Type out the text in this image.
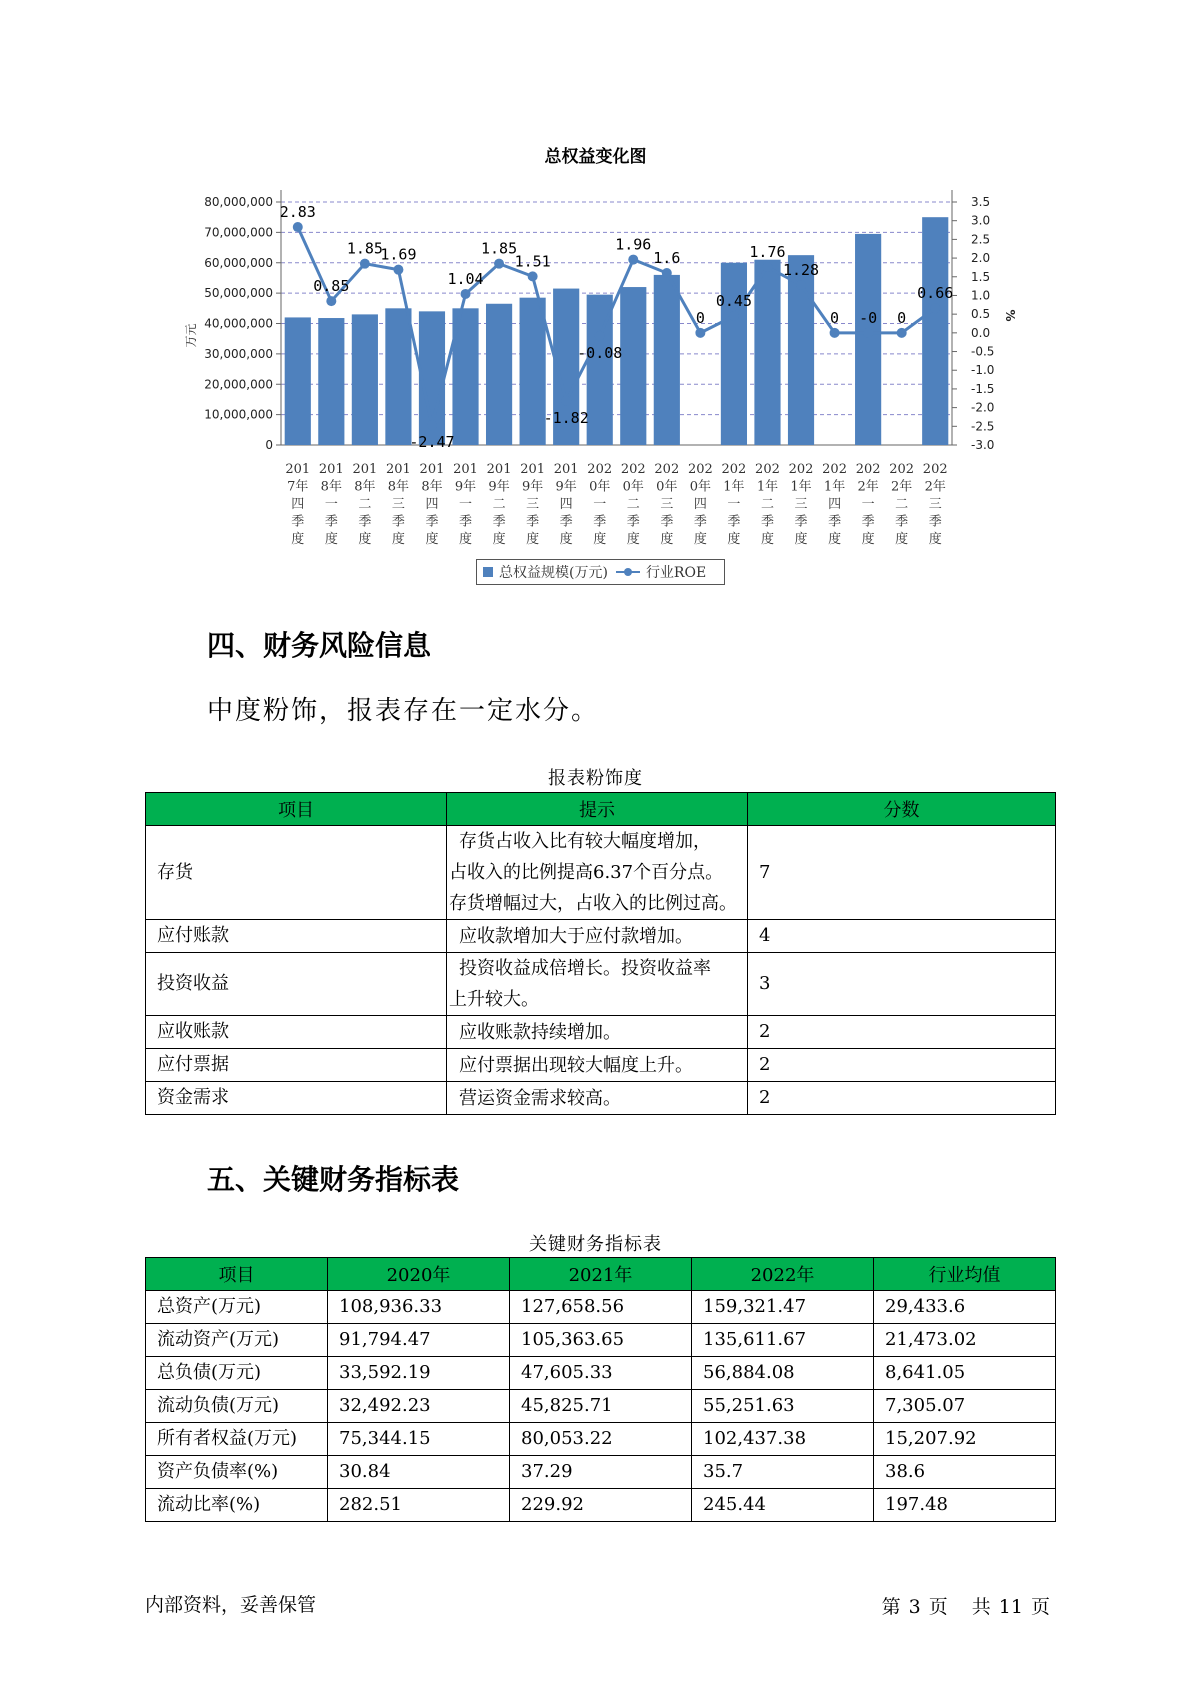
总权益变化图
80,000,000
70,000,000
60,000,000
50,000,000
40,000,000
30,000,000
20,000,000
10,000,000
0
3.5
3.0
2.5
2.0
1.5
1.0
0.5
0.0
-0.5
-1.0
-1.5
-2.0
-2.5
-3.0
万元
%
201 7年四季度
201 8年一季度
201 8年二季度
201 8年三季度
201 8年四季度
201 9年一季度
201 9年二季度
201 9年三季度
201 9年四季度
202 0年一季度
202 0年二季度
202 0年三季度
202 0年四季度
202 1年一季度
202 1年二季度
202 1年三季度
202 1年四季度
202 2年一季度
202 2年二季度
202 2年三季度
2.83
0.85
1.85
1.69
-2.47
1.04
1.85
1.51
-1.82
-0.08
1.96
1.6
0
0.45
1.76
1.28
0 -0 0
0.66
总权益规模(万元)	行业ROE
四、财务风险信息

中度粉饰，报表存在一定水分。

报表粉饰度
项目	提示	分数
存货	存货占收入比有较大幅度增加，
占收入的比例提高6.37个百分点。
存货增幅过大，占收入的比例过高。	7
应付账款	应收款增加大于应付款增加。	4
投资收益	投资收益成倍增长。投资收益率
上升较大。	3
应收账款	应收账款持续增加。	2
应付票据	应付票据出现较大幅度上升。	2
资金需求	营运资金需求较高。	2
五、关键财务指标表
关键财务指标表
项目	2020年	2021年	2022年	行业均值
总资产(万元)	108,936.33	127,658.56	159,321.47	29,433.6
流动资产(万元)	91,794.47	105,363.65	135,611.67	21,473.02
总负债(万元)	33,592.19	47,605.33	56,884.08	8,641.05
流动负债(万元)	32,492.23	45,825.71	55,251.63	7,305.07
所有者权益(万元)	75,344.15	80,053.22	102,437.38	15,207.92
资产负债率(%)	30.84	37.29	35.7	38.6
流动比率(%)	282.51	229.92	245.44	197.48
内部资料，妥善保管	第 3 页 共 11 页
